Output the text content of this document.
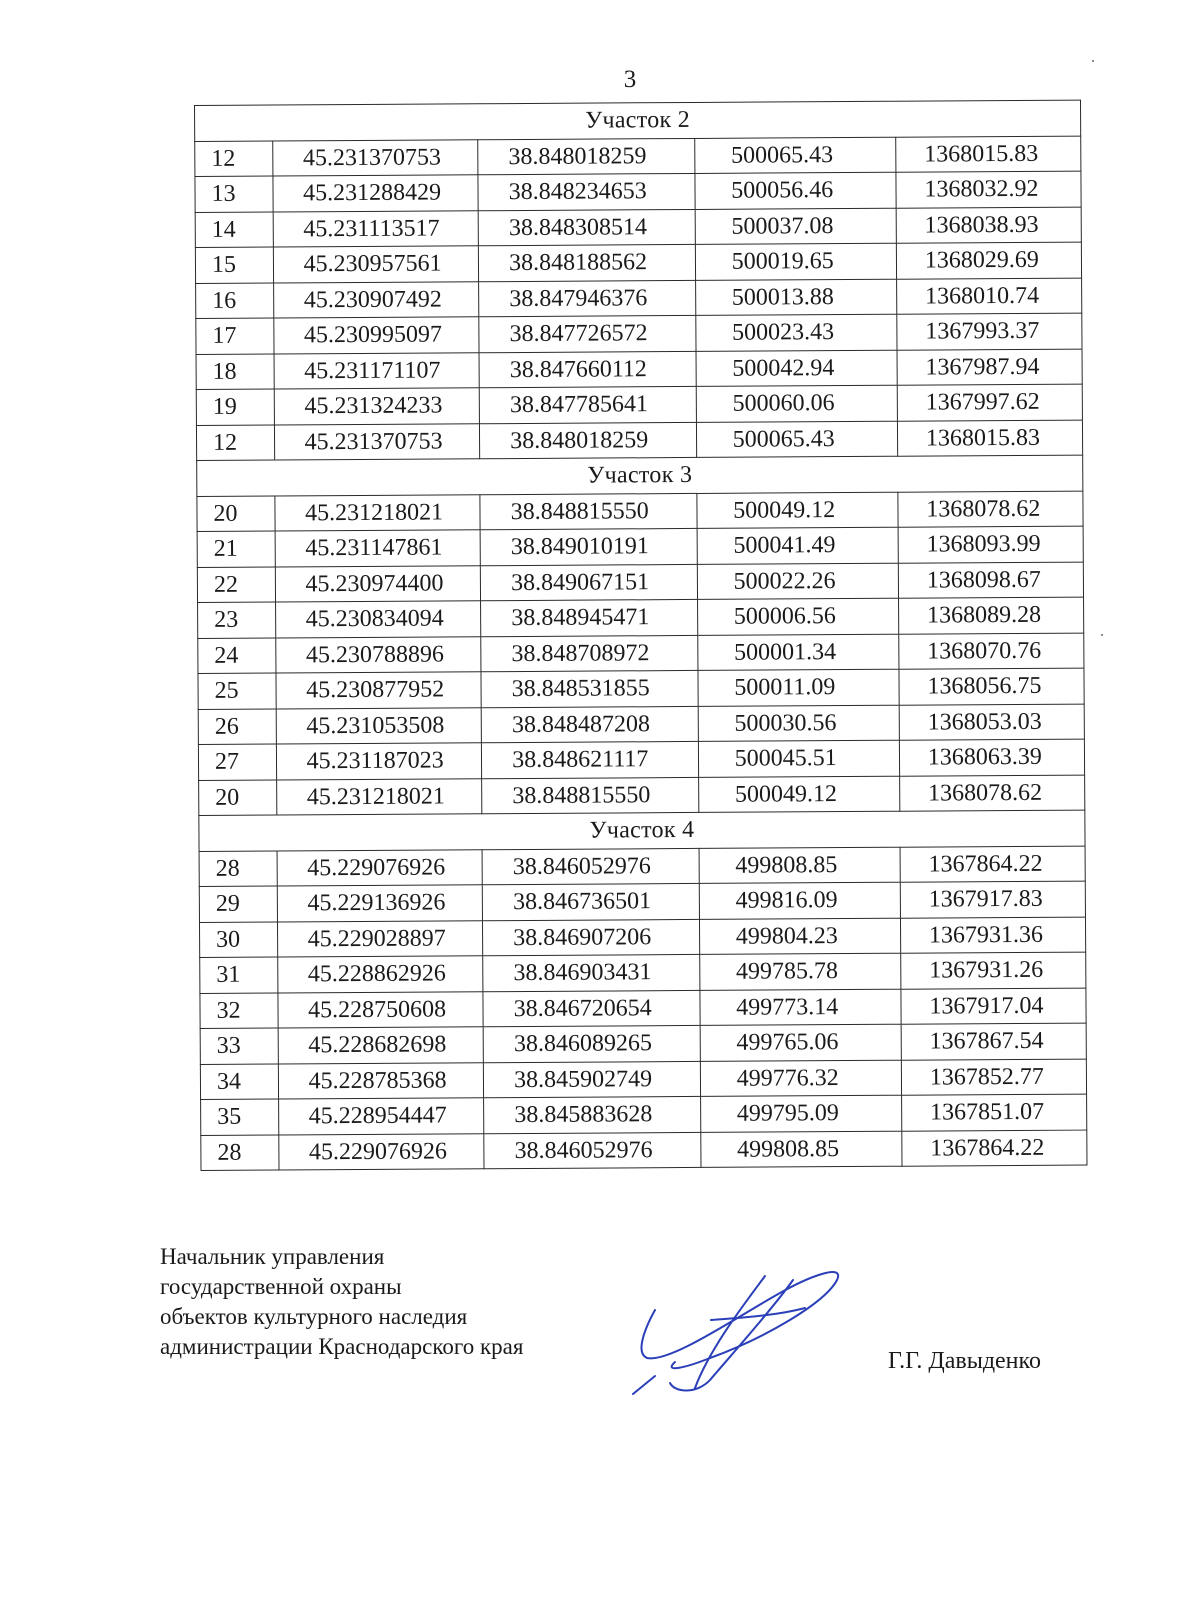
3
Участок 2				
12	45.231370753	38.848018259	500065.43	1368015.83
13	45.231288429	38.848234653	500056.46	1368032.92
14	45.231113517	38.848308514	500037.08	1368038.93
15	45.230957561	38.848188562	500019.65	1368029.69
16	45.230907492	38.847946376	500013.88	1368010.74
17	45.230995097	38.847726572	500023.43	1367993.37
18	45.231171107	38.847660112	500042.94	1367987.94
19	45.231324233	38.847785641	500060.06	1367997.62
12	45.231370753	38.848018259	500065.43	1368015.83
Участок 3				
20	45.231218021	38.848815550	500049.12	1368078.62
21	45.231147861	38.849010191	500041.49	1368093.99
22	45.230974400	38.849067151	500022.26	1368098.67
23	45.230834094	38.848945471	500006.56	1368089.28
24	45.230788896	38.848708972	500001.34	1368070.76
25	45.230877952	38.848531855	500011.09	1368056.75
26	45.231053508	38.848487208	500030.56	1368053.03
27	45.231187023	38.848621117	500045.51	1368063.39
20	45.231218021	38.848815550	500049.12	1368078.62
Участок 4				
28	45.229076926	38.846052976	499808.85	1367864.22
29	45.229136926	38.846736501	499816.09	1367917.83
30	45.229028897	38.846907206	499804.23	1367931.36
31	45.228862926	38.846903431	499785.78	1367931.26
32	45.228750608	38.846720654	499773.14	1367917.04
33	45.228682698	38.846089265	499765.06	1367867.54
34	45.228785368	38.845902749	499776.32	1367852.77
35	45.228954447	38.845883628	499795.09	1367851.07
28	45.229076926	38.846052976	499808.85	1367864.22
Начальник управления
государственной охраны
объектов культурного наследия
администрации Краснодарского края
Г.Г. Давыденко
